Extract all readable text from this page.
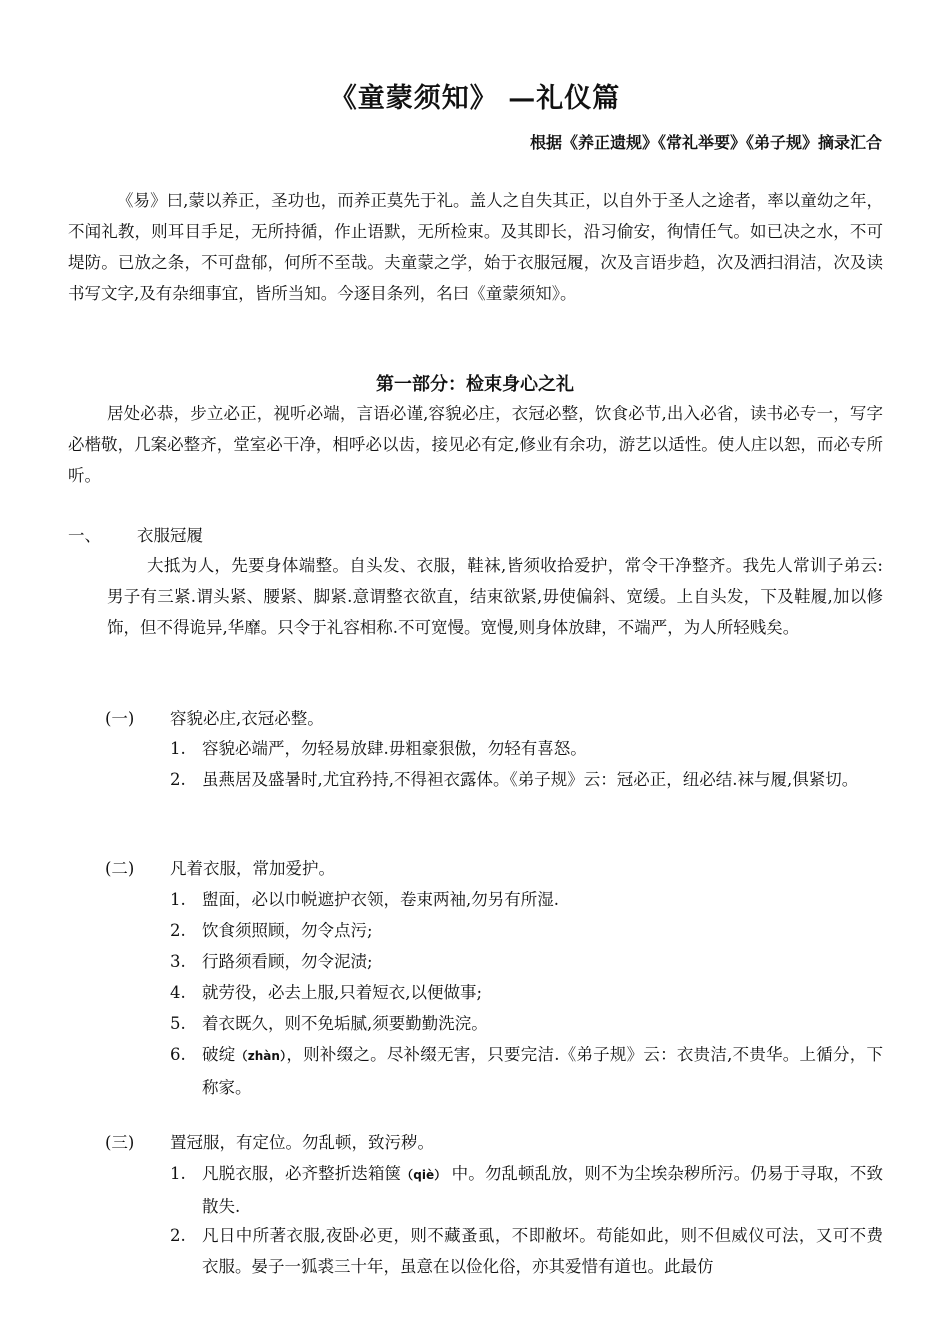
《童蒙须知》 —礼仪篇

根据《养正遗规》《常礼举要》《弟子规》摘录汇合

《易》曰,蒙以养正，圣功也，而养正莫先于礼。盖人之自失其正，以自外于圣人之途者，率以童幼之年，不闻礼教，则耳目手足，无所持循，作止语默，无所检束。及其即长，沿习偷安，徇情任气。如已决之水，不可堤防。已放之条，不可盘郁，何所不至哉。夫童蒙之学，始于衣服冠履，次及言语步趋，次及洒扫涓洁，次及读书写文字,及有杂细事宜，皆所当知。今逐目条列，名曰《童蒙须知》。

第一部分：检束身心之礼

居处必恭，步立必正，视听必端，言语必谨,容貌必庄，衣冠必整，饮食必节,出入必省，读书必专一，写字必楷敬，几案必整齐，堂室必干净，相呼必以齿，接见必有定,修业有余功，游艺以适性。使人庄以恕，而必专所听。

一、 衣服冠履

大抵为人，先要身体端整。自头发、衣服，鞋袜,皆须收拾爱护，常令干净整齐。我先人常训子弟云:男子有三紧.谓头紧、腰紧、脚紧.意谓整衣欲直，结束欲紧,毋使偏斜、宽缓。上自头发，下及鞋履,加以修饰，但不得诡异,华靡。只令于礼容相称.不可宽慢。宽慢,则身体放肆，不端严，为人所轻贱矣。

(一) 容貌必庄,衣冠必整。
1. 容貌必端严，勿轻易放肆.毋粗豪狠傲，勿轻有喜怒。

2. 虽燕居及盛暑时,尤宜矜持,不得袒衣露体。《弟子规》云：冠必正，纽必结.袜与履,俱紧切。

(二) 凡着衣服，常加爱护。
1. 盥面，必以巾帨遮护衣领，卷束两袖,勿另有所湿.

2. 饮食须照顾，勿令点污;

3. 行路须看顾，勿令泥渍;

4. 就劳役，必去上服,只着短衣,以便做事;

5. 着衣既久，则不免垢腻,须要勤勤洗浣。

6. 破绽（zhàn），则补缀之。尽补缀无害，只要完洁.《弟子规》云：衣贵洁,不贵华。上循分，下称家。

(三) 置冠服，有定位。勿乱顿，致污秽。
1. 凡脱衣服，必齐整折迭箱箧（qiè） 中。勿乱顿乱放，则不为尘埃杂秽所污。仍易于寻取，不致散失.

2. 凡日中所著衣服,夜卧必更，则不藏蚤虱，不即敝坏。苟能如此，则不但威仪可法，又可不费衣服。晏子一狐裘三十年，虽意在以俭化俗，亦其爱惜有道也。此最仿
